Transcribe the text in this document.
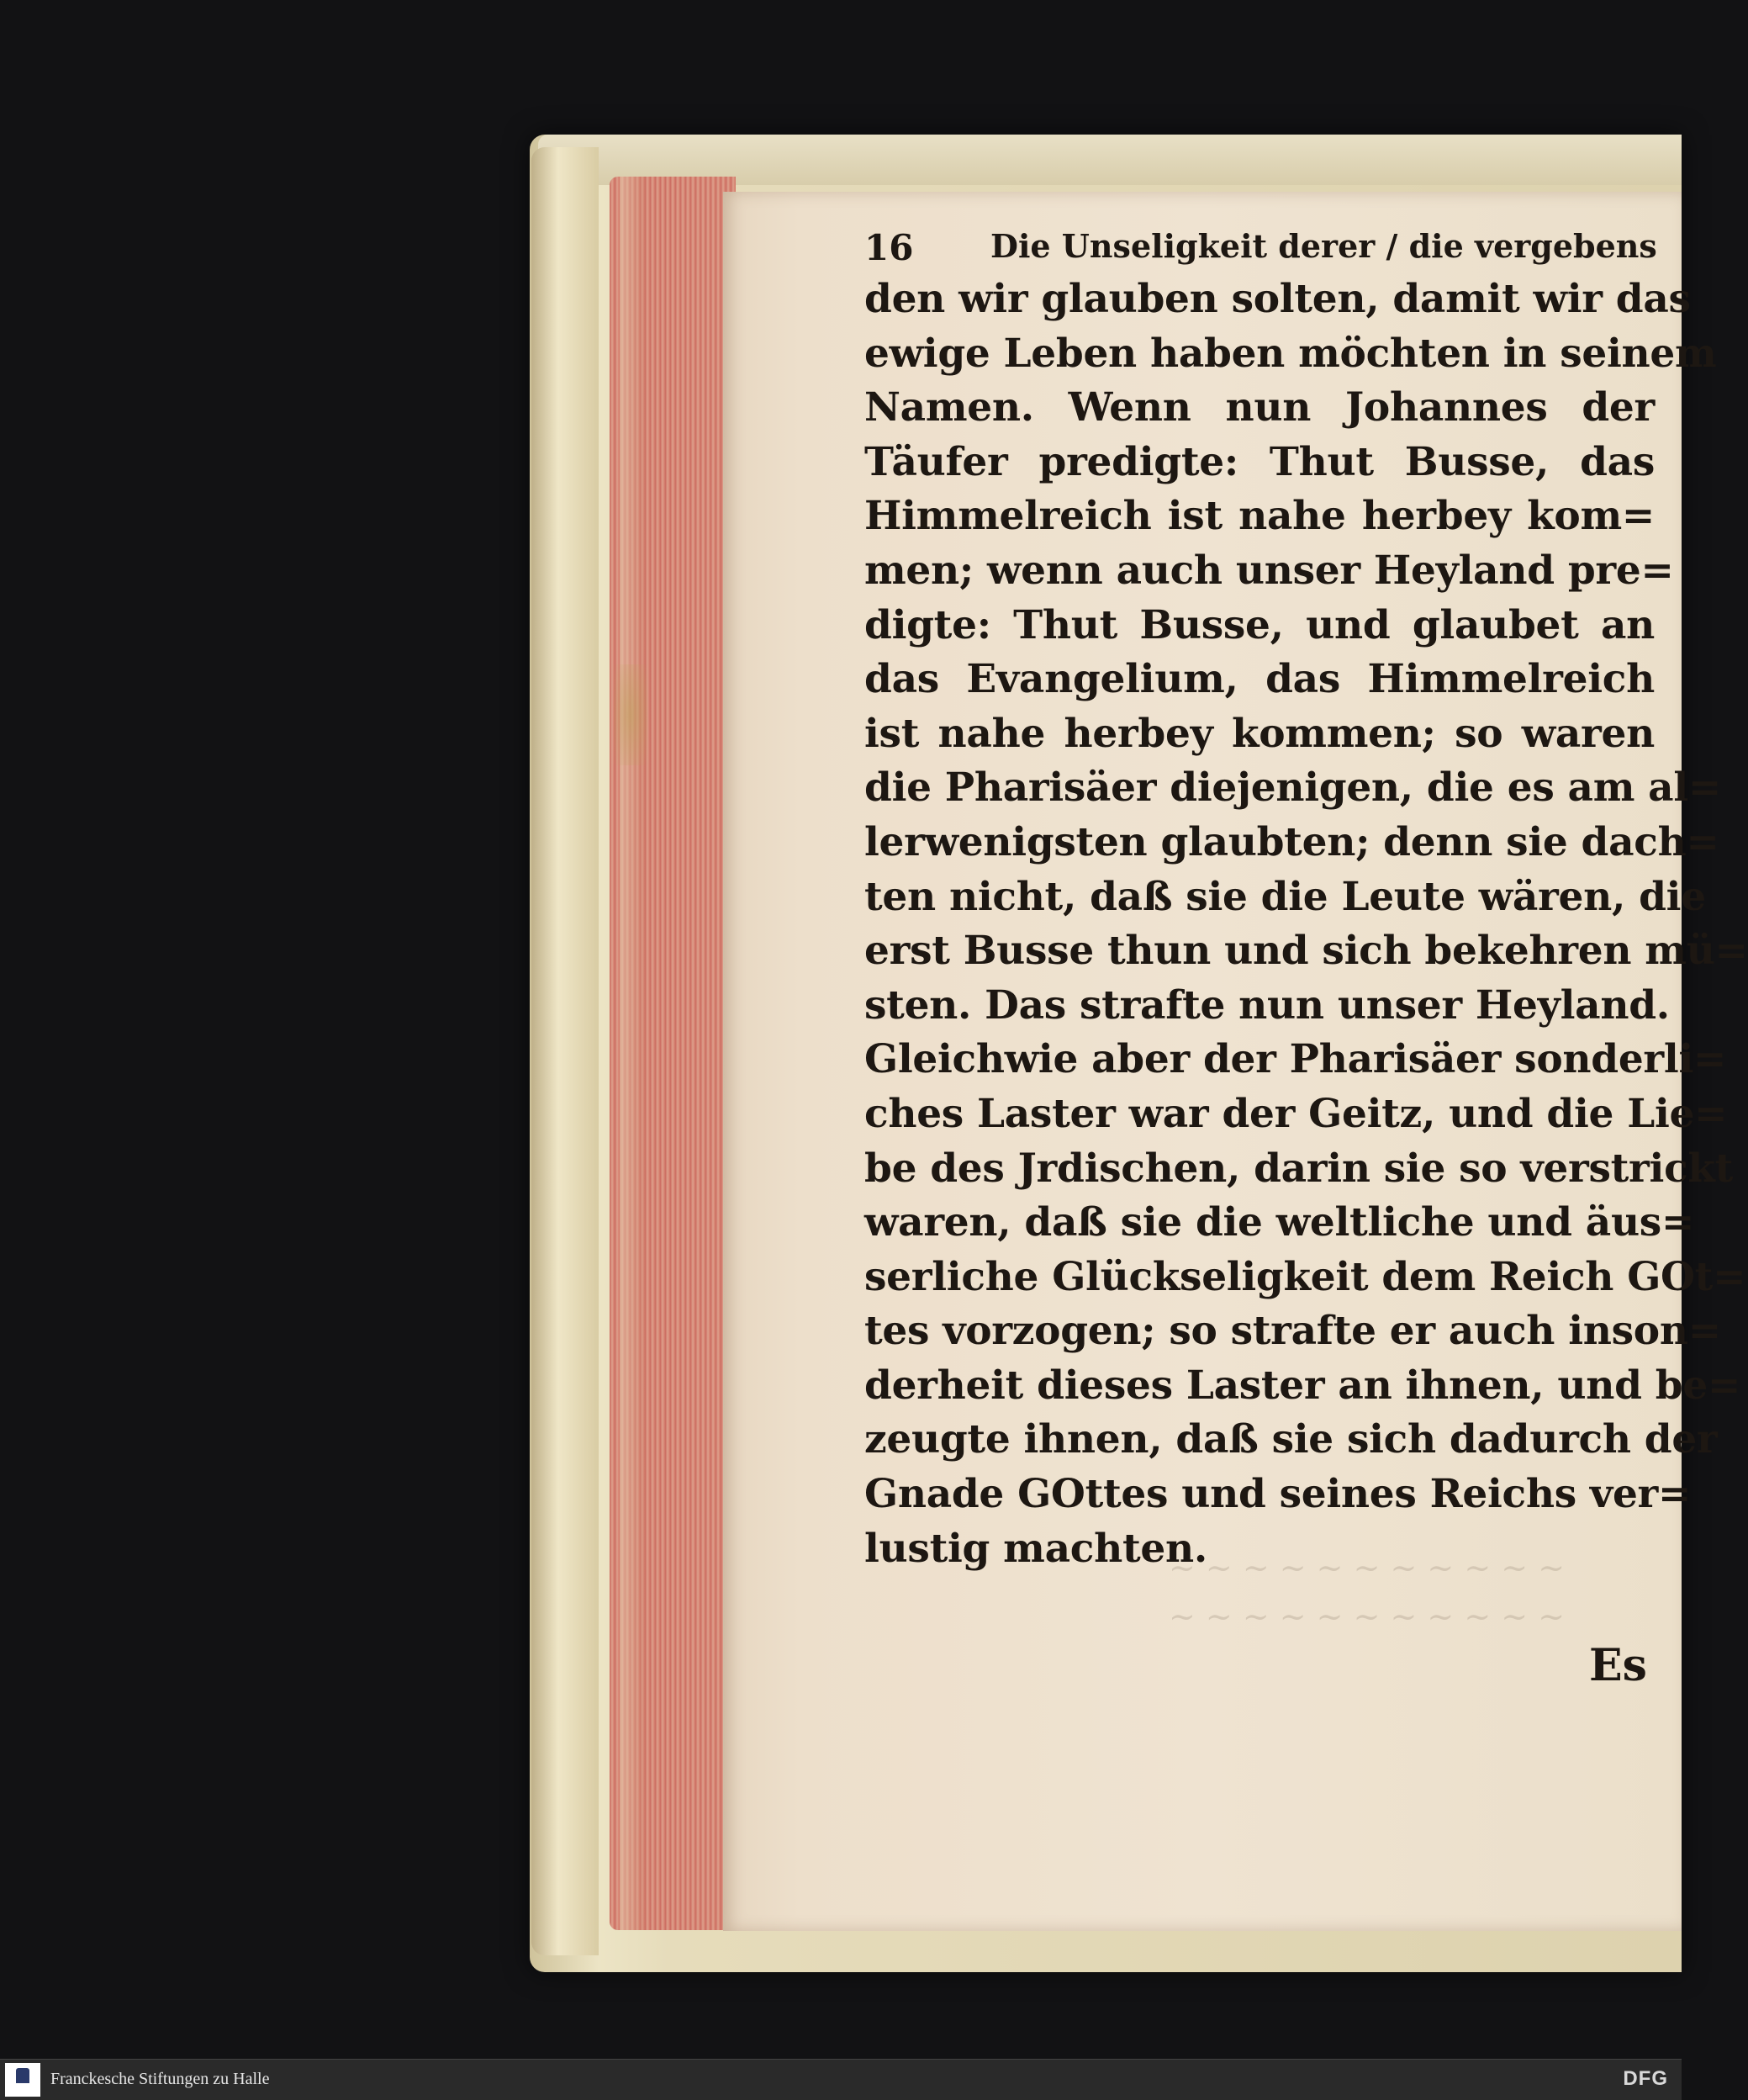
~ ~ ~ ~ ~ ~ ~ ~ ~ ~ ~
~ ~ ~ ~ ~ ~ ~ ~ ~ ~ ~
16 Die Unseligkeit derer / die vergebens
den wir glauben solten, damit wir das
ewige Leben haben möchten in seinem
Namen. Wenn nun Johannes der
Täufer predigte: Thut Busse, das
Himmelreich ist nahe herbey kom=
men; wenn auch unser Heyland pre=
digte: Thut Busse, und glaubet an
das Evangelium, das Himmelreich
ist nahe herbey kommen; so waren
die Pharisäer diejenigen, die es am al=
lerwenigsten glaubten; denn sie dach=
ten nicht, daß sie die Leute wären, die
erst Busse thun und sich bekehren mü=
sten. Das strafte nun unser Heyland.
Gleichwie aber der Pharisäer sonderli=
ches Laster war der Geitz, und die Lie=
be des Jrdischen, darin sie so verstrickt
waren, daß sie die weltliche und äus=
serliche Glückseligkeit dem Reich GOt=
tes vorzogen; so strafte er auch inson=
derheit dieses Laster an ihnen, und be=
zeugte ihnen, daß sie sich dadurch der
Gnade GOttes und seines Reichs ver=
lustig machten.
Es
Franckesche Stiftungen zu Halle	DFG
